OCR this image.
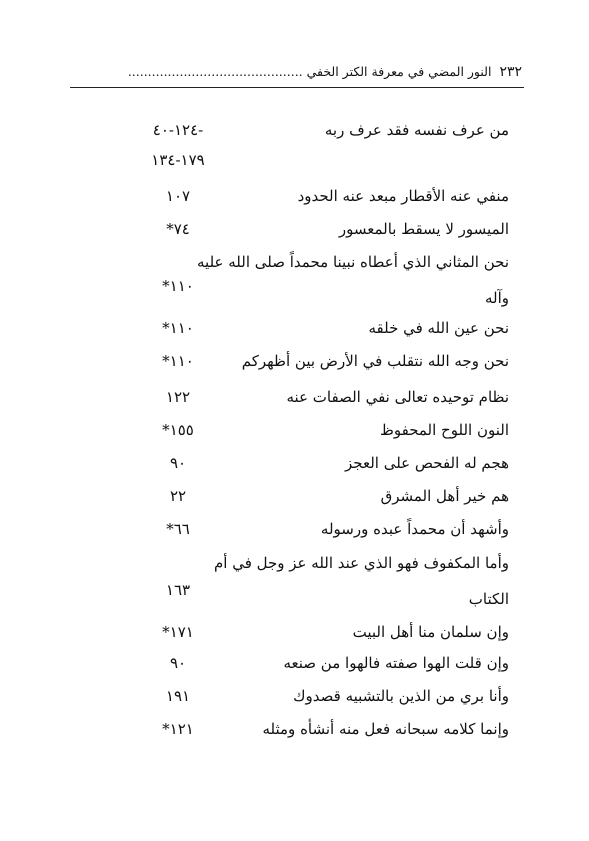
٢٣٢النور المضي في معرفة الكتر الخفي ............................................
من عرف نفسه فقد عرف ربه
-١٢٤-٤٠
١٧٩-١٣٤
منفي عنه الأقطار مبعد عنه الحدود
١٠٧
الميسور لا يسقط بالمعسور
٧٤*
نحن المثاني الذي أعطاه نبينا محمداً صلى الله عليه
وآله
١١٠*
نحن عين الله في خلقه
١١٠*
نحن وجه الله نتقلب في الأرض بين أظهركم
١١٠*
نظام توحيده تعالى نفي الصفات عنه
١٢٢
النون اللوح المحفوظ
١٥٥*
هجم له الفحص على العجز
٩٠
هم خير أهل المشرق
٢٢
وأشهد أن محمداً عبده ورسوله
٦٦*
وأما المكفوف فهو الذي عند الله عز وجل في أم
الكتاب
١٦٣
وإن سلمان منا أهل البيت
١٧١*
وإن قلت الهوا صفته فالهوا من صنعه
٩٠
وأنا بري من الذين بالتشبيه قصدوك
١٩١
وإنما كلامه سبحانه فعل منه أنشأه ومثله
١٢١*
